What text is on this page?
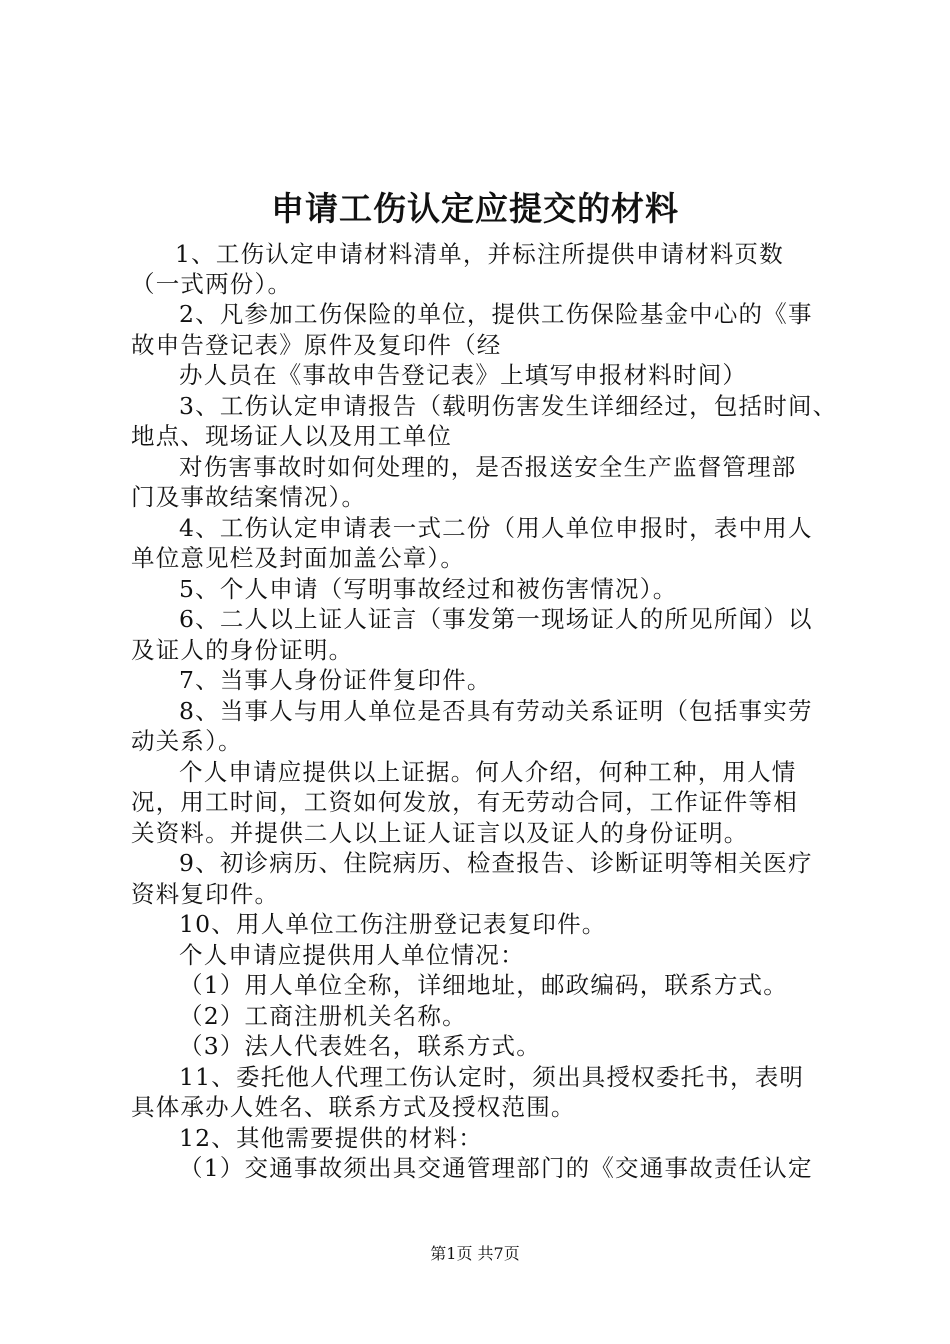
申请工伤认定应提交的材料
1、工伤认定申请材料清单，并标注所提供申请材料页数
（一式两份）。
2、凡参加工伤保险的单位，提供工伤保险基金中心的《事
故申告登记表》原件及复印件（经
办人员在《事故申告登记表》上填写申报材料时间）
3、工伤认定申请报告（载明伤害发生详细经过，包括时间、
地点、现场证人以及用工单位
对伤害事故时如何处理的，是否报送安全生产监督管理部
门及事故结案情况）。
4、工伤认定申请表一式二份（用人单位申报时，表中用人
单位意见栏及封面加盖公章）。
5、个人申请（写明事故经过和被伤害情况）。
6、二人以上证人证言（事发第一现场证人的所见所闻）以
及证人的身份证明。
7、当事人身份证件复印件。
8、当事人与用人单位是否具有劳动关系证明（包括事实劳
动关系）。
个人申请应提供以上证据。何人介绍，何种工种，用人情
况，用工时间，工资如何发放，有无劳动合同，工作证件等相
关资料。并提供二人以上证人证言以及证人的身份证明。
9、初诊病历、住院病历、检查报告、诊断证明等相关医疗
资料复印件。
10、用人单位工伤注册登记表复印件。
个人申请应提供用人单位情况：
（1）用人单位全称，详细地址，邮政编码，联系方式。
（2）工商注册机关名称。
（3）法人代表姓名，联系方式。
11、委托他人代理工伤认定时，须出具授权委托书，表明
具体承办人姓名、联系方式及授权范围。
12、其他需要提供的材料：
（1）交通事故须出具交通管理部门的《交通事故责任认定
第1页 共7页
